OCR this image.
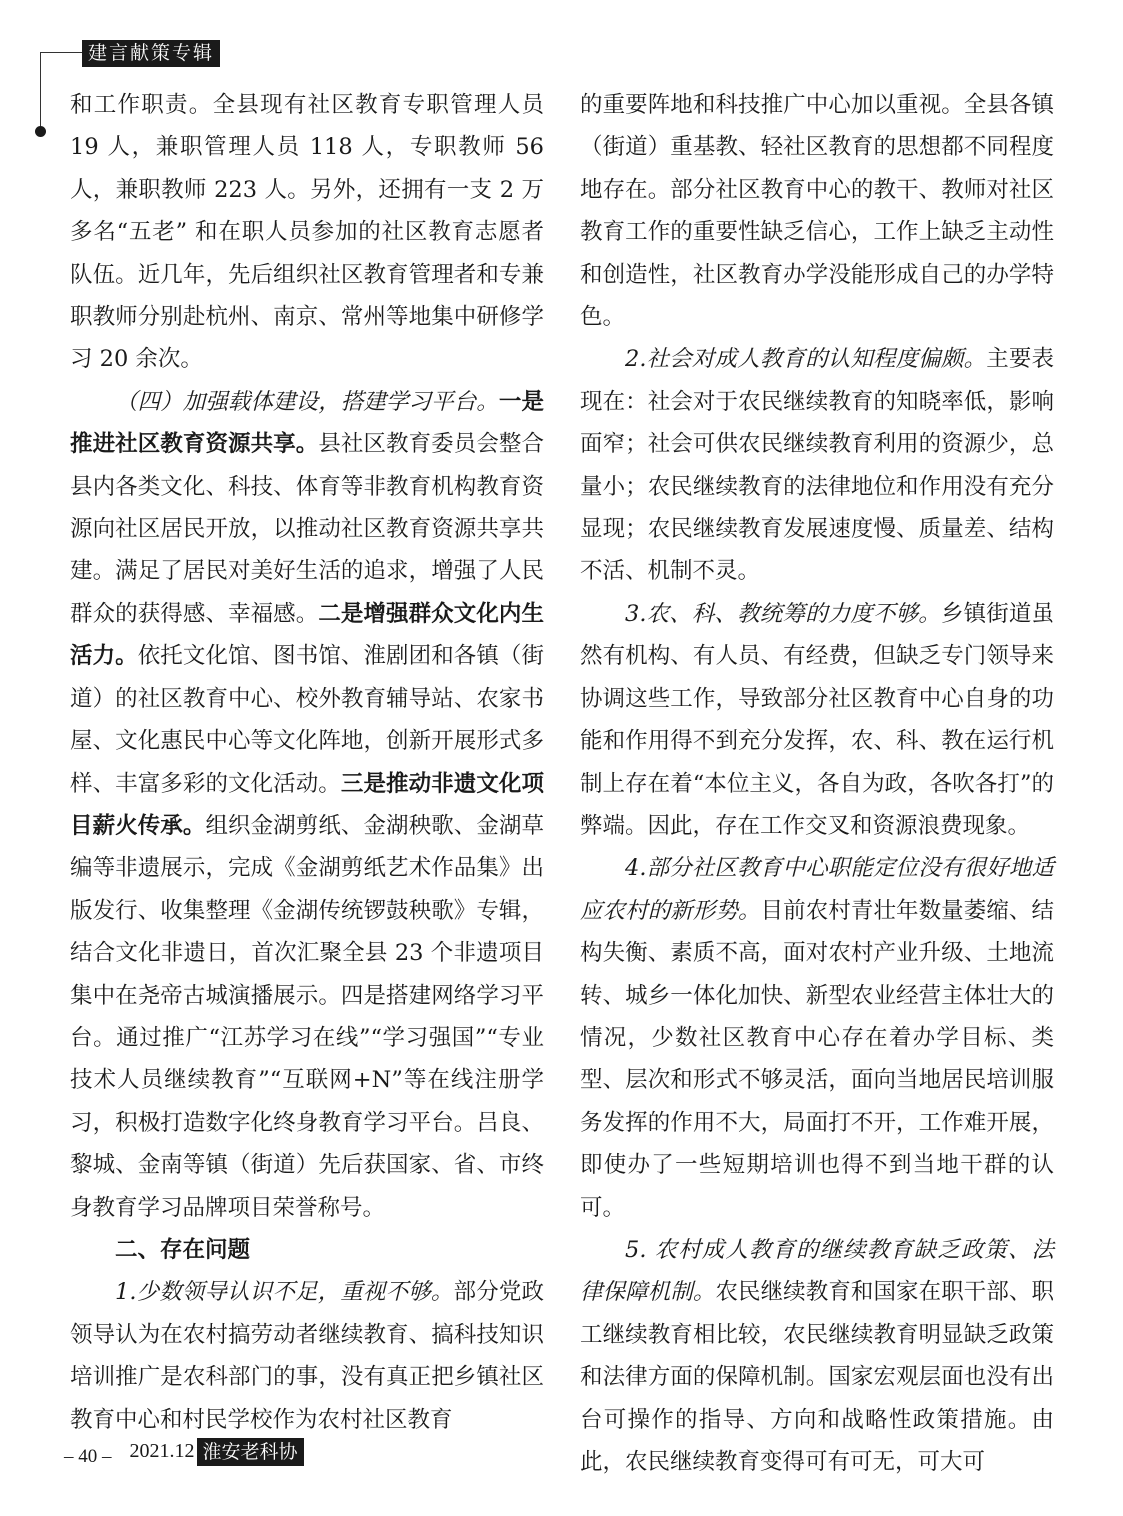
建言献策专辑

和工作职责。全县现有社区教育专职管理人员 19 人，兼职管理人员 118 人，专职教师 56 人，兼职教师 223 人。另外，还拥有一支 2 万多名“五老” 和在职人员参加的社区教育志愿者队伍。近几年，先后组织社区教育管理者和专兼职教师分别赴杭州、南京、常州等地集中研修学习 20 余次。

（四）加强载体建设，搭建学习平台。一是推进社区教育资源共享。县社区教育委员会整合县内各类文化、科技、体育等非教育机构教育资源向社区居民开放，以推动社区教育资源共享共建。满足了居民对美好生活的追求，增强了人民群众的获得感、幸福感。二是增强群众文化内生活力。依托文化馆、图书馆、淮剧团和各镇（街道）的社区教育中心、校外教育辅导站、农家书屋、文化惠民中心等文化阵地，创新开展形式多样、丰富多彩的文化活动。三是推动非遗文化项目薪火传承。组织金湖剪纸、金湖秧歌、金湖草编等非遗展示，完成《金湖剪纸艺术作品集》出版发行、收集整理《金湖传统锣鼓秧歌》专辑，结合文化非遗日，首次汇聚全县 23 个非遗项目集中在尧帝古城演播展示。四是搭建网络学习平台。通过推广“江苏学习在线”“学习强国”“专业技术人员继续教育”“互联网+N”等在线注册学习，积极打造数字化终身教育学习平台。吕良、黎城、金南等镇（街道）先后获国家、省、市终身教育学习品牌项目荣誉称号。

二、存在问题

1.少数领导认识不足，重视不够。部分党政领导认为在农村搞劳动者继续教育、搞科技知识培训推广是农科部门的事，没有真正把乡镇社区教育中心和村民学校作为农村社区教育

的重要阵地和科技推广中心加以重视。全县各镇（街道）重基教、轻社区教育的思想都不同程度地存在。部分社区教育中心的教干、教师对社区教育工作的重要性缺乏信心，工作上缺乏主动性和创造性，社区教育办学没能形成自己的办学特色。

2.社会对成人教育的认知程度偏颇。主要表现在：社会对于农民继续教育的知晓率低，影响面窄；社会可供农民继续教育利用的资源少，总量小；农民继续教育的法律地位和作用没有充分显现；农民继续教育发展速度慢、质量差、结构不活、机制不灵。

3.农、科、教统筹的力度不够。乡镇街道虽然有机构、有人员、有经费，但缺乏专门领导来协调这些工作，导致部分社区教育中心自身的功能和作用得不到充分发挥，农、科、教在运行机制上存在着“本位主义，各自为政，各吹各打”的弊端。因此，存在工作交叉和资源浪费现象。

4.部分社区教育中心职能定位没有很好地适应农村的新形势。目前农村青壮年数量萎缩、结构失衡、素质不高，面对农村产业升级、土地流转、城乡一体化加快、新型农业经营主体壮大的情况，少数社区教育中心存在着办学目标、类型、层次和形式不够灵活，面向当地居民培训服务发挥的作用不大，局面打不开，工作难开展，即使办了一些短期培训也得不到当地干群的认可。

5. 农村成人教育的继续教育缺乏政策、法律保障机制。农民继续教育和国家在职干部、职工继续教育相比较，农民继续教育明显缺乏政策和法律方面的保障机制。国家宏观层面也没有出台可操作的指导、方向和战略性政策措施。由此，农民继续教育变得可有可无，可大可

– 40 – 2021.12 淮安老科协
